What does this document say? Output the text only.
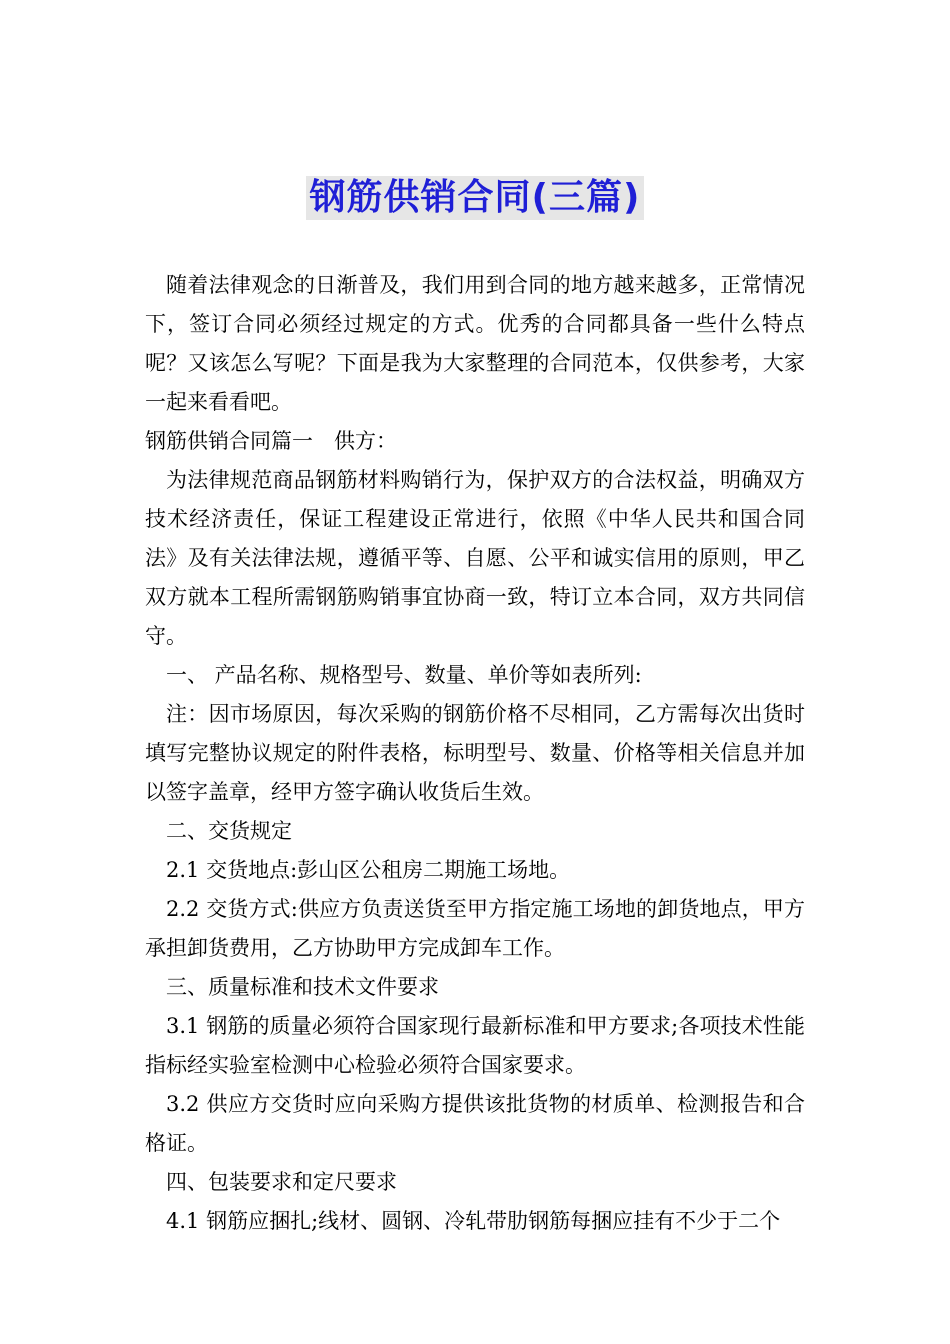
钢筋供销合同(三篇)

随着法律观念的日渐普及，我们用到合同的地方越来越多，正常情况下，签订合同必须经过规定的方式。优秀的合同都具备一些什么特点呢？又该怎么写呢？下面是我为大家整理的合同范本，仅供参考，大家一起来看看吧。

钢筋供销合同篇一　供方：

为法律规范商品钢筋材料购销行为，保护双方的合法权益，明确双方技术经济责任，保证工程建设正常进行，依照《中华人民共和国合同法》及有关法律法规，遵循平等、自愿、公平和诚实信用的原则，甲乙双方就本工程所需钢筋购销事宜协商一致，特订立本合同，双方共同信守。

一、 产品名称、规格型号、数量、单价等如表所列:

注：因市场原因，每次采购的钢筋价格不尽相同，乙方需每次出货时填写完整协议规定的附件表格，标明型号、数量、价格等相关信息并加以签字盖章，经甲方签字确认收货后生效。

二、交货规定

2.1 交货地点:彭山区公租房二期施工场地。

2.2 交货方式:供应方负责送货至甲方指定施工场地的卸货地点，甲方承担卸货费用，乙方协助甲方完成卸车工作。

三、质量标准和技术文件要求

3.1 钢筋的质量必须符合国家现行最新标准和甲方要求;各项技术性能指标经实验室检测中心检验必须符合国家要求。

3.2 供应方交货时应向采购方提供该批货物的材质单、检测报告和合格证。

四、包装要求和定尺要求

4.1 钢筋应捆扎;线材、圆钢、冷轧带肋钢筋每捆应挂有不少于二个
